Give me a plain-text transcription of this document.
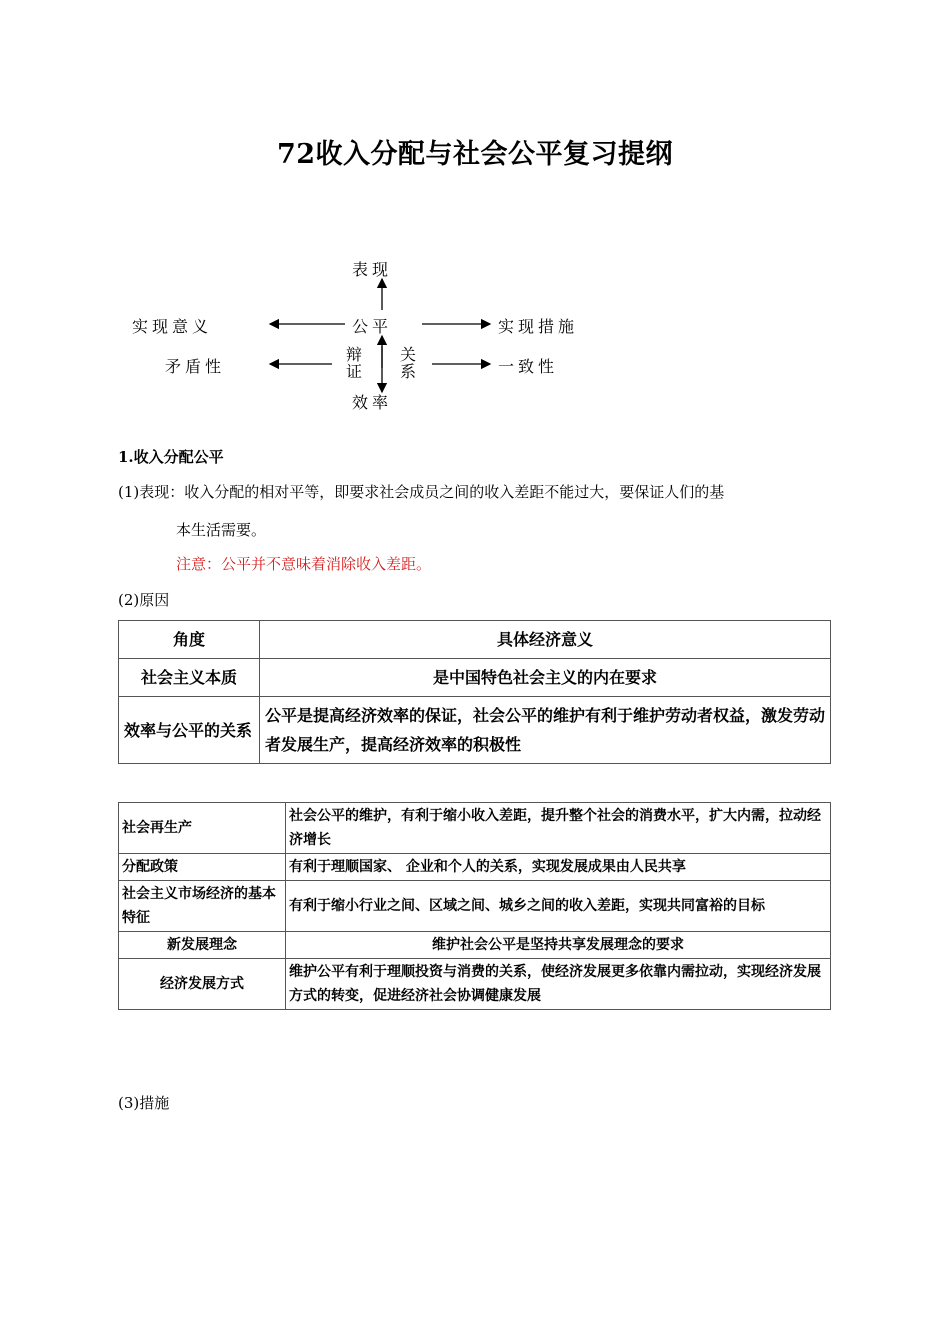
72收入分配与社会公平复习提纲
表现
公平
实现意义	实现措施
矛盾性	一致性
辩
证
关
系
效率
1.收入分配公平
(1)表现：收入分配的相对平等，即要求社会成员之间的收入差距不能过大，要保证人们的基
本生活需要。
注意：公平并不意味着消除收入差距。
(2)原因
角度	具体经济意义
社会主义本质	是中国特色社会主义的内在要求
效率与公平的关系	公平是提高经济效率的保证，社会公平的维护有利于维护劳动者权益，激发劳动者发展生产，提高经济效率的积极性
社会再生产	社会公平的维护，有利于缩小收入差距，提升整个社会的消费水平，扩大内需，拉动经济增长
分配政策	有利于理顺国家、 企业和个人的关系，实现发展成果由人民共享
社会主义市场经济的基本特征	有利于缩小行业之间、区域之间、城乡之间的收入差距，实现共同富裕的目标
新发展理念	维护社会公平是坚持共享发展理念的要求
经济发展方式	维护公平有利于理顺投资与消费的关系，使经济发展更多依靠内需拉动，实现经济发展方式的转变，促进经济社会协调健康发展
(3)措施
